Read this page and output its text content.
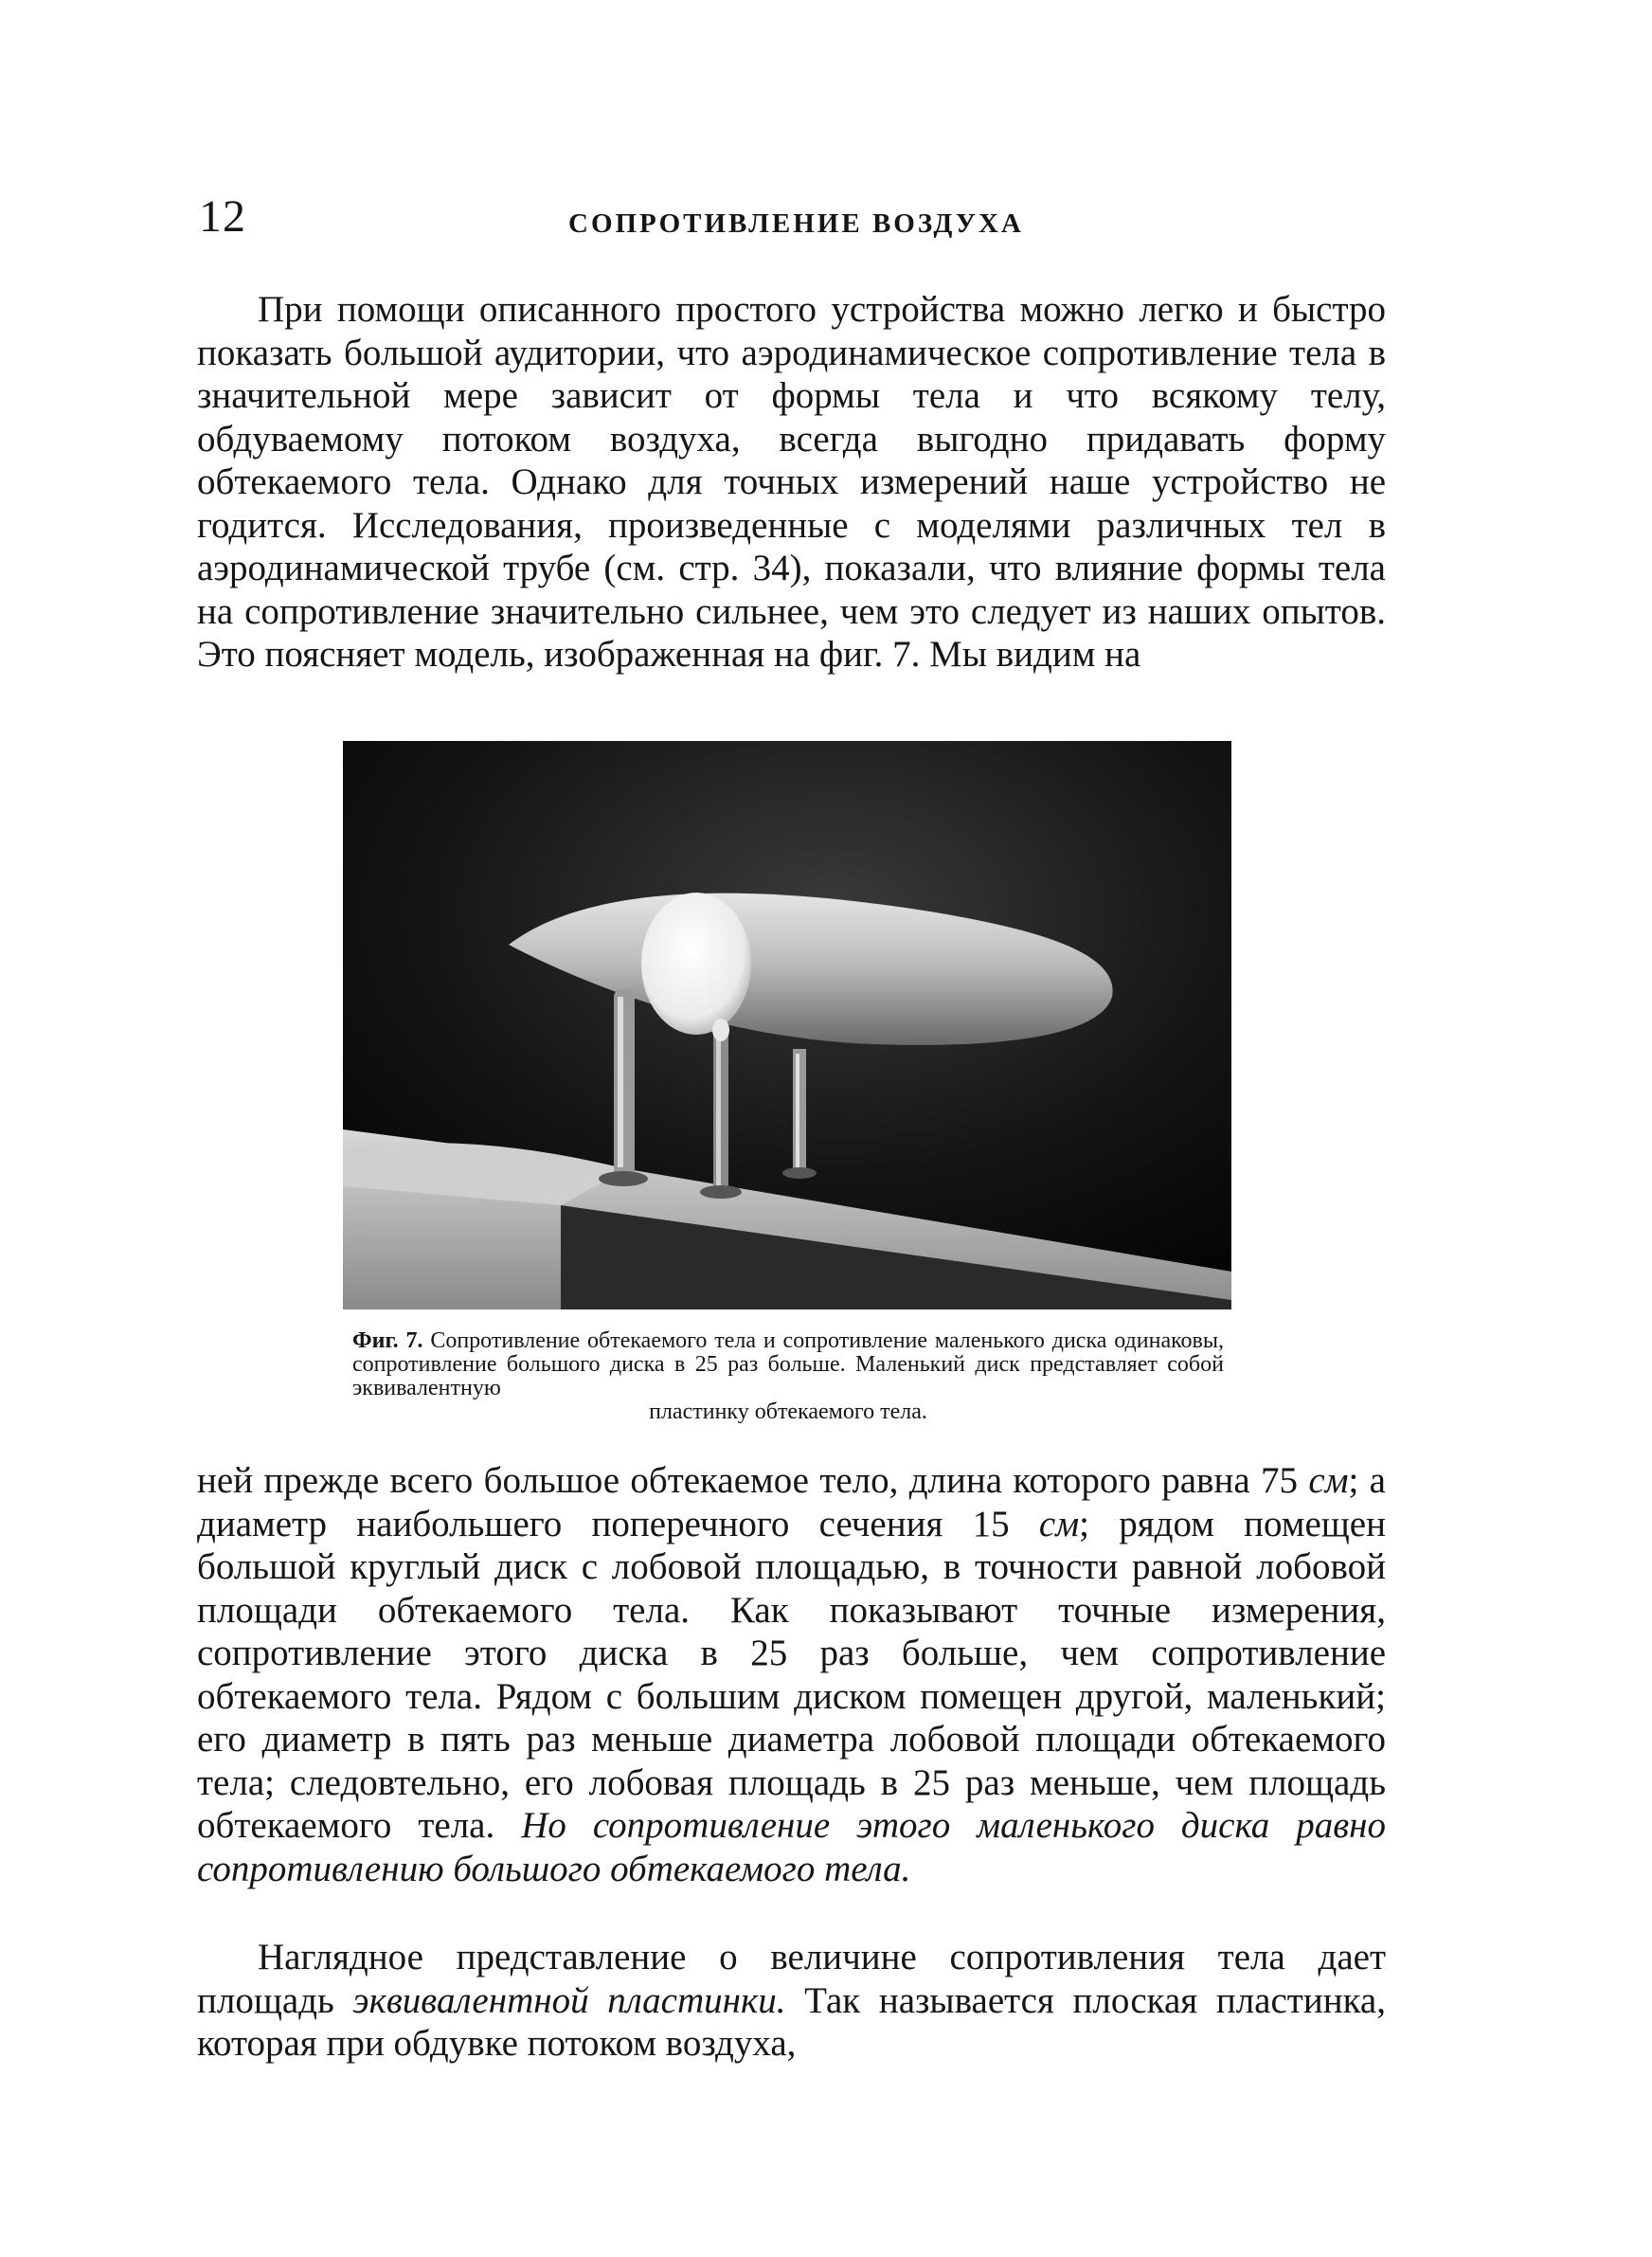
12	СОПРОТИВЛЕНИЕ ВОЗДУХА

При помощи описанного простого устройства можно легко и быстро показать большой аудитории, что аэродинамическое сопротивление тела в значительной мере зависит от формы тела и что всякому телу, обдуваемому потоком воздуха, всегда выгодно придавать форму обтекаемого тела. Однако для точных измерений наше устройство не годится. Исследования, произведенные с моделями различных тел в аэродинамической трубе (см. стр. 34), показали, что влияние формы тела на сопротивление значительно сильнее, чем это следует из наших опытов. Это поясняет модель, изображенная на фиг. 7. Мы видим на

Фиг. 7. Сопротивление обтекаемого тела и сопротивление маленького диска одинаковы, сопротивление большого диска в 25 раз больше. Маленький диск представляет собой эквивалентную
пластинку обтекаемого тела.

ней прежде всего большое обтекаемое тело, длина которого равна 75 см; а диаметр наибольшего поперечного сечения 15 см; рядом помещен большой круглый диск с лобовой площадью, в точности равной лобовой площади обтекаемого тела. Как показывают точные измерения, сопротивление этого диска в 25 раз больше, чем сопротивление обтекаемого тела. Рядом с большим диском помещен другой, маленький; его диаметр в пять раз меньше диаметра лобовой площади обтекаемого тела; следовтельно, его лобовая площадь в 25 раз меньше, чем площадь обтекаемого тела. Но сопротивление этого маленького диска равно сопротивлению большого обтекаемого тела.

Наглядное представление о величине сопротивления тела дает площадь эквивалентной пластинки. Так называется плоская пластинка, которая при обдувке потоком воздуха,
